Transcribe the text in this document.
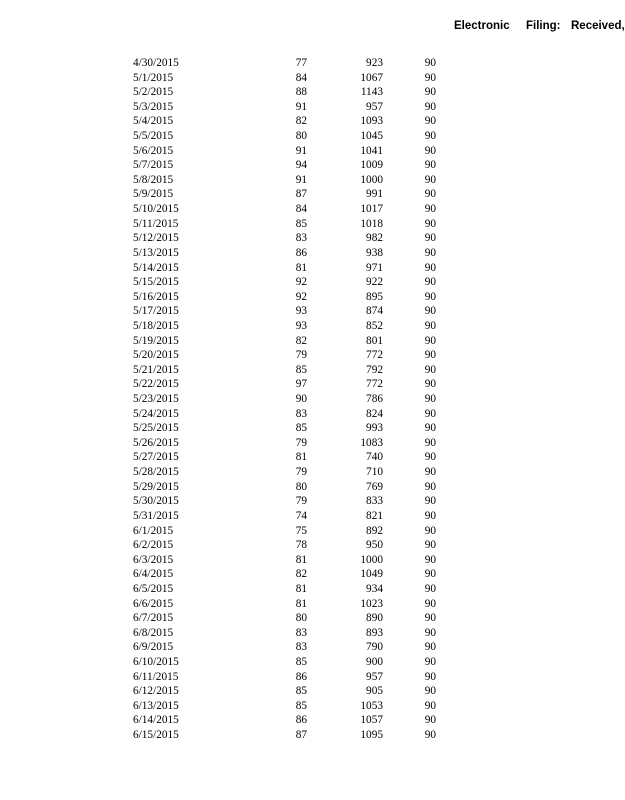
Electronic Filing: Received,
4/30/2015	77	923	90
5/1/2015	84	1067	90
5/2/2015	88	1143	90
5/3/2015	91	957	90
5/4/2015	82	1093	90
5/5/2015	80	1045	90
5/6/2015	91	1041	90
5/7/2015	94	1009	90
5/8/2015	91	1000	90
5/9/2015	87	991	90
5/10/2015	84	1017	90
5/11/2015	85	1018	90
5/12/2015	83	982	90
5/13/2015	86	938	90
5/14/2015	81	971	90
5/15/2015	92	922	90
5/16/2015	92	895	90
5/17/2015	93	874	90
5/18/2015	93	852	90
5/19/2015	82	801	90
5/20/2015	79	772	90
5/21/2015	85	792	90
5/22/2015	97	772	90
5/23/2015	90	786	90
5/24/2015	83	824	90
5/25/2015	85	993	90
5/26/2015	79	1083	90
5/27/2015	81	740	90
5/28/2015	79	710	90
5/29/2015	80	769	90
5/30/2015	79	833	90
5/31/2015	74	821	90
6/1/2015	75	892	90
6/2/2015	78	950	90
6/3/2015	81	1000	90
6/4/2015	82	1049	90
6/5/2015	81	934	90
6/6/2015	81	1023	90
6/7/2015	80	890	90
6/8/2015	83	893	90
6/9/2015	83	790	90
6/10/2015	85	900	90
6/11/2015	86	957	90
6/12/2015	85	905	90
6/13/2015	85	1053	90
6/14/2015	86	1057	90
6/15/2015	87	1095	90
